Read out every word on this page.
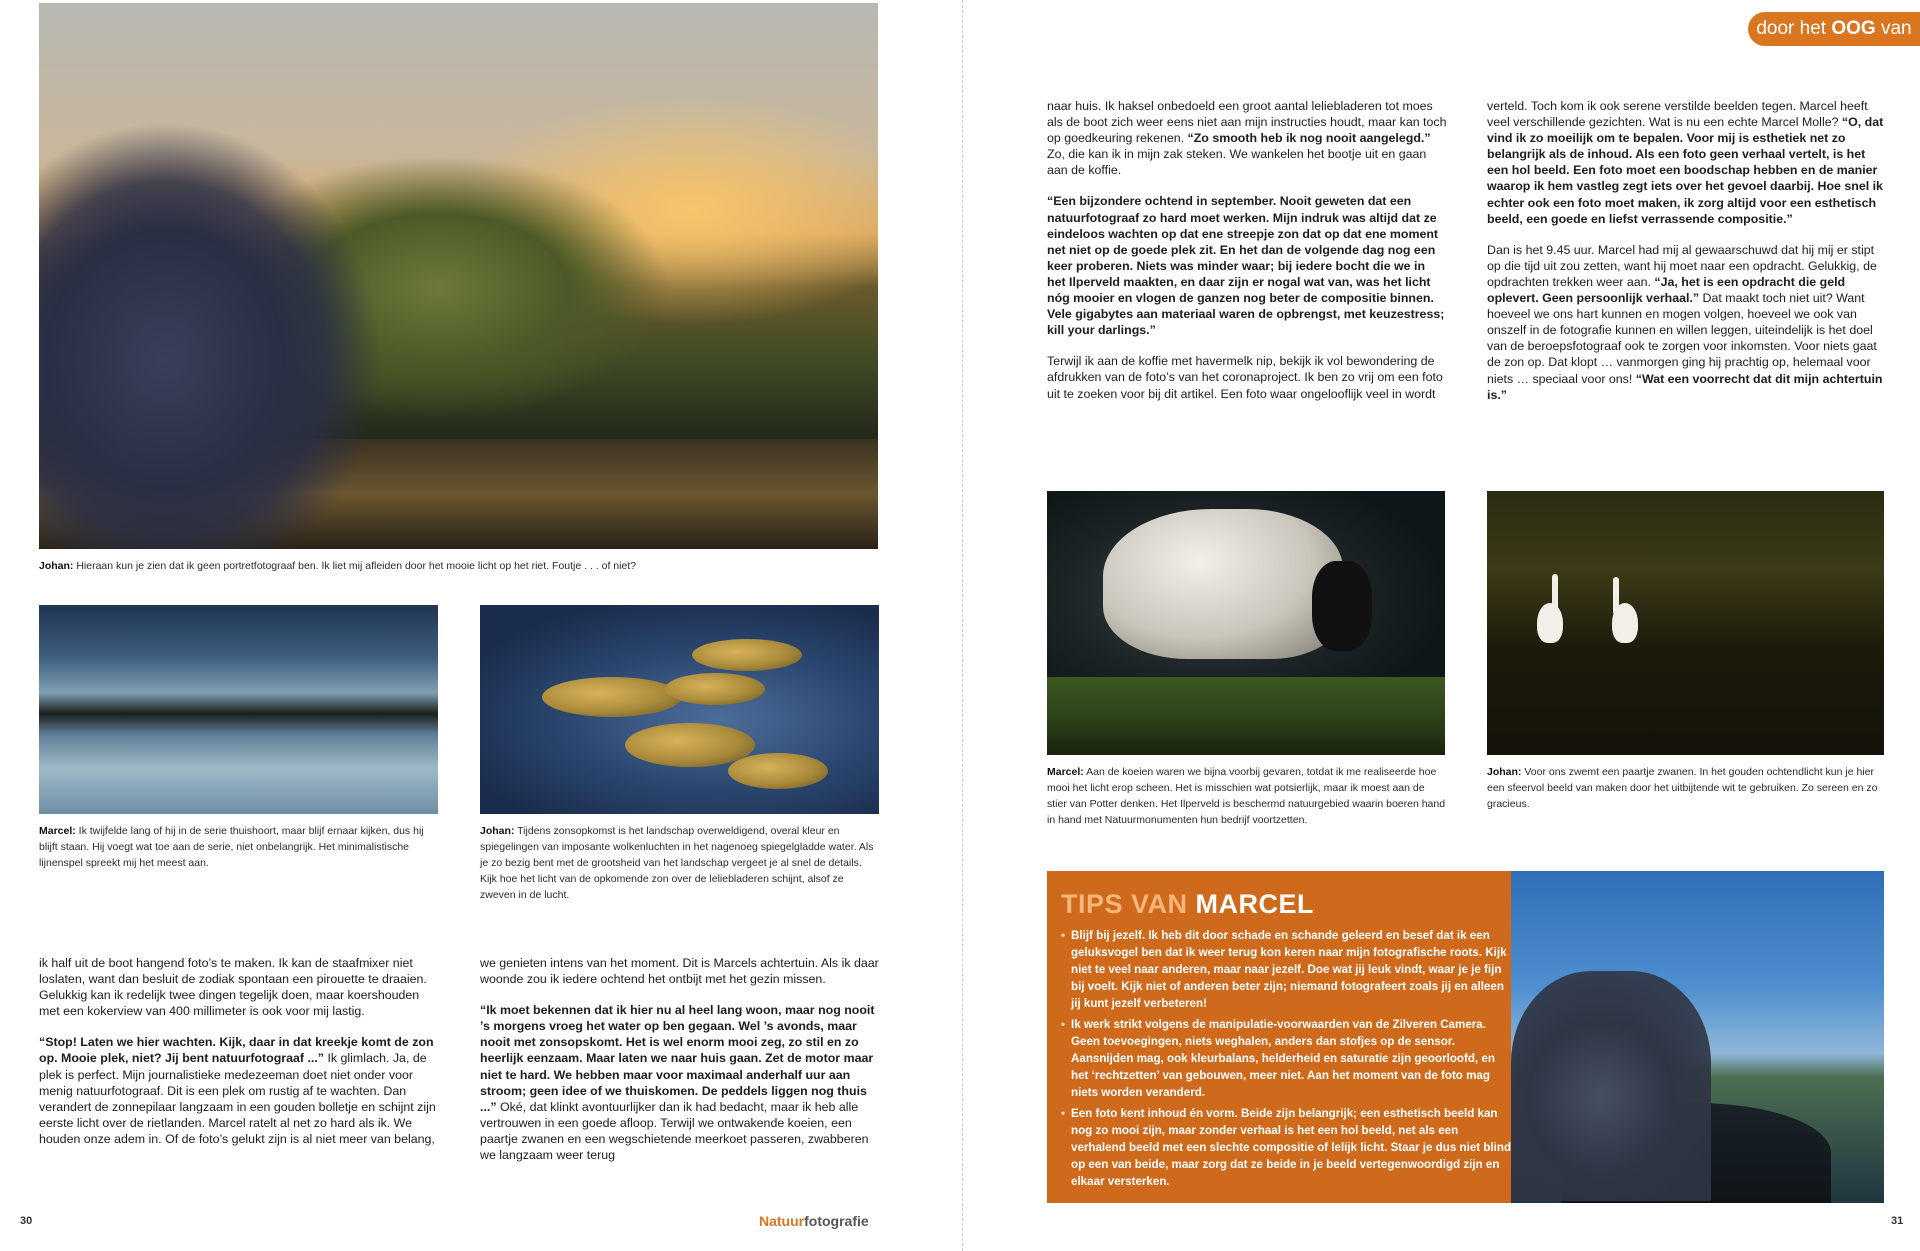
door het OOG van
Johan: Hieraan kun je zien dat ik geen portretfotograaf ben. Ik liet mij afleiden door het mooie licht op het riet. Foutje . . . of niet?
Marcel: Ik twijfelde lang of hij in de serie thuishoort, maar blijf ernaar kijken, dus hij blijft staan. Hij voegt wat toe aan de serie, niet onbelangrijk. Het minimalistische lijnenspel spreekt mij het meest aan.
Johan: Tijdens zonsopkomst is het landschap overweldigend, overal kleur en spiegelingen van imposante wolkenluchten in het nagenoeg spiegelgladde water. Als je zo bezig bent met de grootsheid van het landschap vergeet je al snel de details. Kijk hoe het licht van de opkomende zon over de leliebladeren schijnt, alsof ze zweven in de lucht.

ik half uit de boot hangend foto’s te maken. Ik kan de staafmixer niet loslaten, want dan besluit de zodiak spontaan een pirouette te draaien. Gelukkig kan ik redelijk twee dingen tegelijk doen, maar koershouden met een kokerview van 400 millimeter is ook voor mij lastig.

“Stop! Laten we hier wachten. Kijk, daar in dat kreekje komt de zon op. Mooie plek, niet? Jij bent natuurfotograaf ...” Ik glimlach. Ja, de plek is perfect. Mijn journalistieke medezeeman doet niet onder voor menig natuurfotograaf. Dit is een plek om rustig af te wachten. Dan verandert de zonnepilaar langzaam in een gouden bolletje en schijnt zijn eerste licht over de rietlanden. Marcel ratelt al net zo hard als ik. We houden onze adem in. Of de foto’s gelukt zijn is al niet meer van belang,

we genieten intens van het moment. Dit is Marcels achtertuin. Als ik daar woonde zou ik iedere ochtend het ontbijt met het gezin missen.

“Ik moet bekennen dat ik hier nu al heel lang woon, maar nog nooit ’s morgens vroeg het water op ben gegaan. Wel ’s avonds, maar nooit met zonsopskomt. Het is wel enorm mooi zeg, zo stil en zo heerlijk eenzaam. Maar laten we naar huis gaan. Zet de motor maar niet te hard. We hebben maar voor maximaal anderhalf uur aan stroom; geen idee of we thuiskomen. De peddels liggen nog thuis ...” Oké, dat klinkt avontuurlijker dan ik had bedacht, maar ik heb alle vertrouwen in een goede afloop. Terwijl we ontwakende koeien, een paartje zwanen en een wegschietende meerkoet passeren, zwabberen we langzaam weer terug

30	Natuurfotografie

naar huis. Ik haksel onbedoeld een groot aantal leliebladeren tot moes als de boot zich weer eens niet aan mijn instructies houdt, maar kan toch op goedkeuring rekenen. “Zo smooth heb ik nog nooit aangelegd.” Zo, die kan ik in mijn zak steken. We wankelen het bootje uit en gaan aan de koffie.

“Een bijzondere ochtend in september. Nooit geweten dat een natuurfotograaf zo hard moet werken. Mijn indruk was altijd dat ze eindeloos wachten op dat ene streepje zon dat op dat ene moment net niet op de goede plek zit. En het dan de volgende dag nog een keer proberen. Niets was minder waar; bij iedere bocht die we in het Ilperveld maakten, en daar zijn er nogal wat van, was het licht nóg mooier en vlogen de ganzen nog beter de compositie binnen. Vele gigabytes aan materiaal waren de opbrengst, met keuzestress; kill your darlings.”

Terwijl ik aan de koffie met havermelk nip, bekijk ik vol bewondering de afdrukken van de foto’s van het coronaproject. Ik ben zo vrij om een foto uit te zoeken voor bij dit artikel. Een foto waar ongelooflijk veel in wordt

verteld. Toch kom ik ook serene verstilde beelden tegen. Marcel heeft veel verschillende gezichten. Wat is nu een echte Marcel Molle? “O, dat vind ik zo moeilijk om te bepalen. Voor mij is esthetiek net zo belangrijk als de inhoud. Als een foto geen verhaal vertelt, is het een hol beeld. Een foto moet een boodschap hebben en de manier waarop ik hem vastleg zegt iets over het gevoel daarbij. Hoe snel ik echter ook een foto moet maken, ik zorg altijd voor een esthetisch beeld, een goede en liefst verrassende compositie.”

Dan is het 9.45 uur. Marcel had mij al gewaarschuwd dat hij mij er stipt op die tijd uit zou zetten, want hij moet naar een opdracht. Gelukkig, de opdrachten trekken weer aan. “Ja, het is een opdracht die geld oplevert. Geen persoonlijk verhaal.” Dat maakt toch niet uit? Want hoeveel we ons hart kunnen en mogen volgen, hoeveel we ook van onszelf in de fotografie kunnen en willen leggen, uiteindelijk is het doel van de beroepsfotograaf ook te zorgen voor inkomsten. Voor niets gaat de zon op. Dat klopt … vanmorgen ging hij prachtig op, helemaal voor niets … speciaal voor ons! “Wat een voorrecht dat dit mijn achtertuin is.”

Marcel: Aan de koeien waren we bijna voorbij gevaren, totdat ik me realiseerde hoe mooi het licht erop scheen. Het is misschien wat potsierlijk, maar ik moest aan de stier van Potter denken. Het Ilperveld is beschermd natuurgebied waarin boeren hand in hand met Natuurmonumenten hun bedrijf voortzetten.
Johan: Voor ons zwemt een paartje zwanen. In het gouden ochtendlicht kun je hier een sfeervol beeld van maken door het uitbijtende wit te gebruiken. Zo sereen en zo gracieus.
TIPS VAN MARCEL
• Blijf bij jezelf. Ik heb dit door schade en schande geleerd en besef dat ik een geluksvogel ben dat ik weer terug kon keren naar mijn fotografische roots. Kijk niet te veel naar anderen, maar naar jezelf. Doe wat jij leuk vindt, waar je je fijn bij voelt. Kijk niet of anderen beter zijn; niemand fotografeert zoals jij en alleen jij kunt jezelf verbeteren!
• Ik werk strikt volgens de manipulatie-voorwaarden van de Zilveren Camera. Geen toevoegingen, niets weghalen, anders dan stofjes op de sensor. Aansnijden mag, ook kleurbalans, helderheid en saturatie zijn geoorloofd, en het ‘rechtzetten’ van gebouwen, meer niet. Aan het moment van de foto mag niets worden veranderd.
• Een foto kent inhoud én vorm. Beide zijn belangrijk; een esthetisch beeld kan nog zo mooi zijn, maar zonder verhaal is het een hol beeld, net als een verhalend beeld met een slechte compositie of lelijk licht. Staar je dus niet blind op een van beide, maar zorg dat ze beide in je beeld vertegenwoordigd zijn en elkaar versterken.
31
